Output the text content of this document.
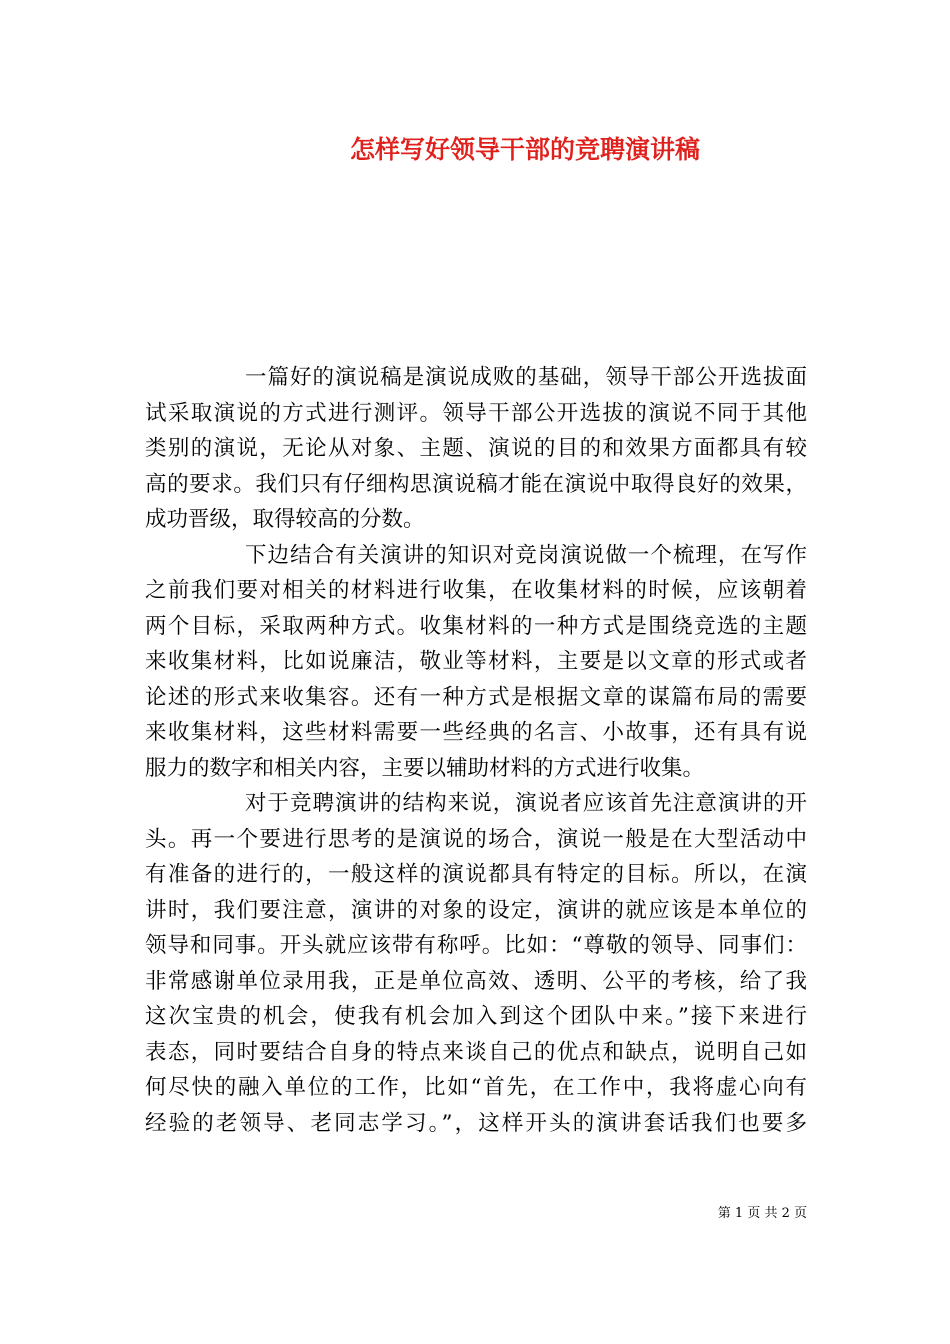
怎样写好领导干部的竞聘演讲稿

一篇好的演说稿是演说成败的基础，领导干部公开选拔面
试采取演说的方式进行测评。领导干部公开选拔的演说不同于其他
类别的演说，无论从对象、主题、演说的目的和效果方面都具有较
高的要求。我们只有仔细构思演说稿才能在演说中取得良好的效果，
成功晋级，取得较高的分数。

下边结合有关演讲的知识对竞岗演说做一个梳理，在写作
之前我们要对相关的材料进行收集，在收集材料的时候，应该朝着
两个目标，采取两种方式。收集材料的一种方式是围绕竞选的主题
来收集材料，比如说廉洁，敬业等材料，主要是以文章的形式或者
论述的形式来收集容。还有一种方式是根据文章的谋篇布局的需要
来收集材料，这些材料需要一些经典的名言、小故事，还有具有说
服力的数字和相关内容，主要以辅助材料的方式进行收集。

对于竞聘演讲的结构来说，演说者应该首先注意演讲的开
头。再一个要进行思考的是演说的场合，演说一般是在大型活动中
有准备的进行的，一般这样的演说都具有特定的目标。所以，在演
讲时，我们要注意，演讲的对象的设定，演讲的就应该是本单位的
领导和同事。开头就应该带有称呼。比如：“尊敬的领导、同事们：
非常感谢单位录用我，正是单位高效、透明、公平的考核，给了我
这次宝贵的机会，使我有机会加入到这个团队中来。”接下来进行
表态，同时要结合自身的特点来谈自己的优点和缺点，说明自己如
何尽快的融入单位的工作，比如“首先，在工作中，我将虚心向有
经验的老领导、老同志学习。”，这样开头的演讲套话我们也要多

第 1 页 共 2 页
